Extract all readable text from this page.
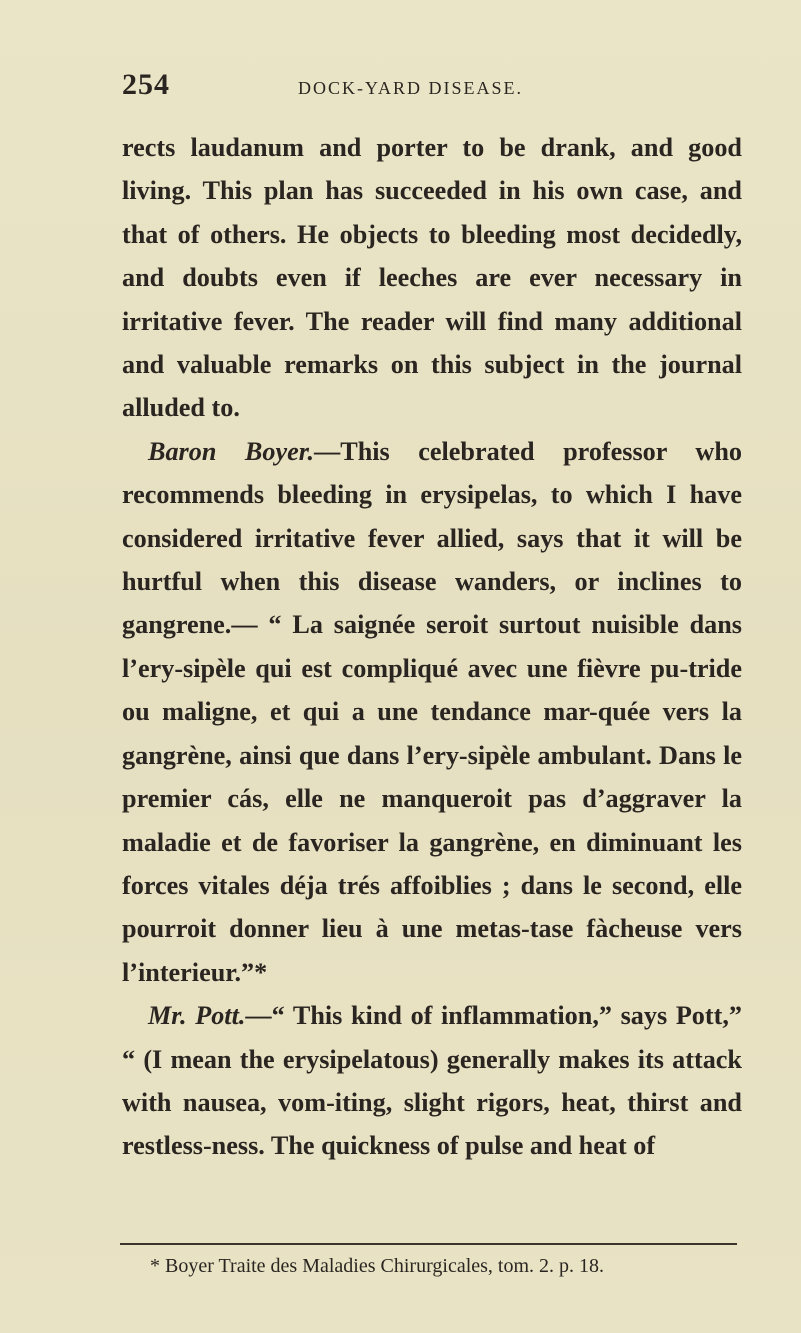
254	DOCK-YARD DISEASE.

rects laudanum and porter to be drank, and good living. This plan has succeeded in his own case, and that of others. He objects to bleeding most decidedly, and doubts even if leeches are ever necessary in irritative fever. The reader will find many additional and valuable remarks on this subject in the journal alluded to.

Baron Boyer.—This celebrated professor who recommends bleeding in erysipelas, to which I have considered irritative fever allied, says that it will be hurtful when this disease wanders, or inclines to gangrene.— “ La saignée seroit surtout nuisible dans l’ery-sipèle qui est compliqué avec une fièvre pu-tride ou maligne, et qui a une tendance mar-quée vers la gangrène, ainsi que dans l’ery-sipèle ambulant. Dans le premier cás, elle ne manqueroit pas d’aggraver la maladie et de favoriser la gangrène, en diminuant les forces vitales déja trés affoiblies ; dans le second, elle pourroit donner lieu à une metas-tase fàcheuse vers l’interieur.”*

Mr. Pott.—“ This kind of inflammation,” says Pott,” “ (I mean the erysipelatous) generally makes its attack with nausea, vom-iting, slight rigors, heat, thirst and restless-ness. The quickness of pulse and heat of

* Boyer Traite des Maladies Chirurgicales, tom. 2. p. 18.
